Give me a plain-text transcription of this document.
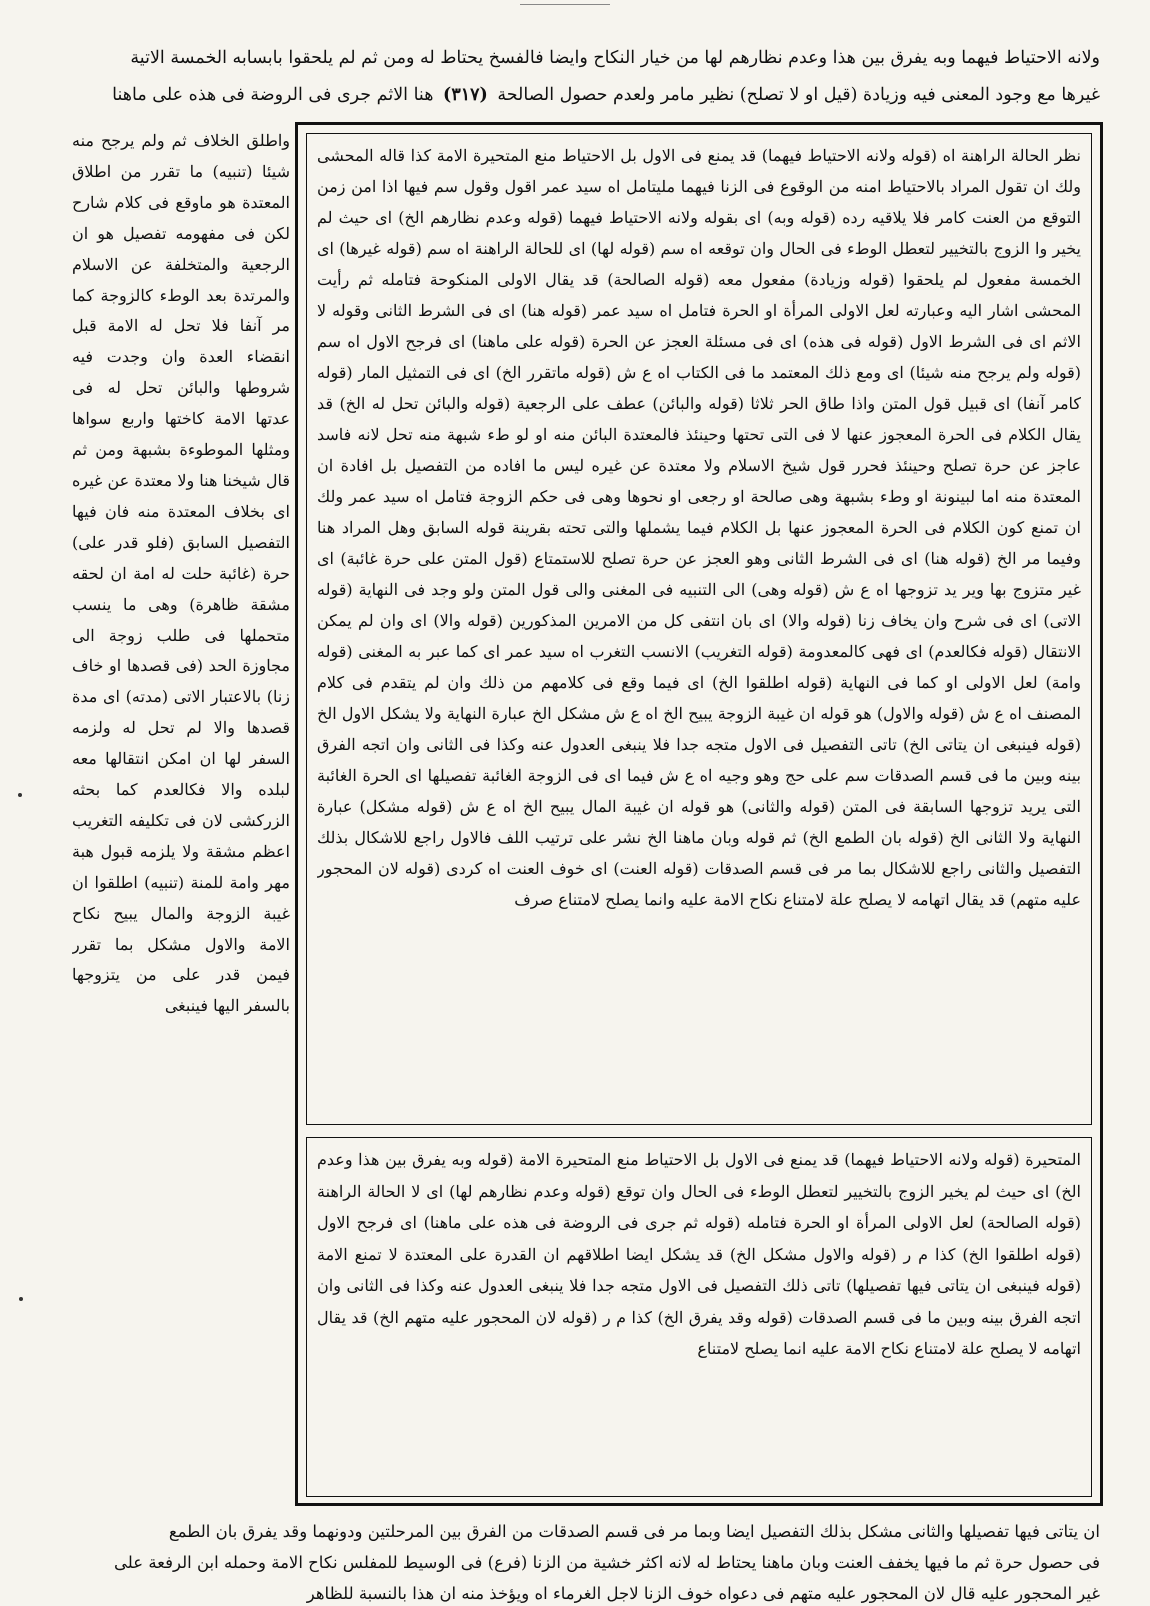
ولانه الاحتياط فيهما وبه يفرق بين هذا وعدم نظارهم لها من خيار النكاح وايضا فالفسخ يحتاط له ومن ثم لم يلحقوا بابسابه الخمسة الاتية
غيرها مع وجود المعنى فيه وزيادة (قيل او لا تصلح) نظير مامر ولعدم حصول الصالحة (٣١٧) هنا الاثم جرى فى الروضة فى هذه على ماهنا
واطلق الخلاف ثم ولم يرجح منه شيئا (تنبيه) ما تقرر من اطلاق المعتدة هو ماوقع فى كلام شارح لكن فى مفهومه تفصيل هو ان الرجعية والمتخلفة عن الاسلام والمرتدة بعد الوطء كالزوجة كما مر آنفا فلا تحل له الامة قبل انقضاء العدة وان وجدت فيه شروطها والبائن تحل له فى عدتها الامة كاختها واربع سواها ومثلها الموطوءة بشبهة ومن ثم قال شيخنا هنا ولا معتدة عن غيره اى بخلاف المعتدة منه فان فيها التفصيل السابق (فلو قدر على) حرة (غائبة حلت له امة ان لحقه مشقة ظاهرة) وهى ما ينسب متحملها فى طلب زوجة الى مجاوزة الحد (فى قصدها او خاف زنا) بالاعتبار الاتى (مدته) اى مدة قصدها والا لم تحل له ولزمه السفر لها ان امكن انتقالها معه لبلده والا فكالعدم كما بحثه الزركشى لان فى تكليفه التغريب اعظم مشقة ولا يلزمه قبول هبة مهر وامة للمنة (تنبيه) اطلقوا ان غيبة الزوجة والمال يبيح نكاح الامة والاول مشكل بما تقرر فيمن قدر على من يتزوجها بالسفر اليها فينبغى
نظر الحالة الراهنة اه (قوله ولانه الاحتياط فيهما) قد يمنع فى الاول بل الاحتياط منع المتحيرة الامة كذا قاله المحشى ولك ان تقول المراد بالاحتياط امنه من الوقوع فى الزنا فيهما مليتامل اه سيد عمر اقول وقول سم فيها اذا امن زمن التوقع من العنت كامر فلا يلاقيه رده (قوله وبه) اى بقوله ولانه الاحتياط فيهما (قوله وعدم نظارهم الخ) اى حيث لم يخير وا الزوج بالتخيير لتعطل الوطء فى الحال وان توقعه اه سم (قوله لها) اى للحالة الراهنة اه سم (قوله غيرها) اى الخمسة مفعول لم يلحقوا (قوله وزيادة) مفعول معه (قوله الصالحة) قد يقال الاولى المنكوحة فتامله ثم رأيت المحشى اشار اليه وعبارته لعل الاولى المرأة او الحرة فتامل اه سيد عمر (قوله هنا) اى فى الشرط الثانى وقوله لا الاثم اى فى الشرط الاول (قوله فى هذه) اى فى مسئلة العجز عن الحرة (قوله على ماهنا) اى فرجح الاول اه سم (قوله ولم يرجح منه شيئا) اى ومع ذلك المعتمد ما فى الكتاب اه ع ش (قوله ماتقرر الخ) اى فى التمثيل المار (قوله كامر آنفا) اى قبيل قول المتن واذا طاق الحر ثلاثا (قوله والبائن) عطف على الرجعية (قوله والبائن تحل له الخ) قد يقال الكلام فى الحرة المعجوز عنها لا فى التى تحتها وحينئذ فالمعتدة البائن منه او لو طء شبهة منه تحل لانه فاسد عاجز عن حرة تصلح وحينئذ فحرر قول شيخ الاسلام ولا معتدة عن غيره ليس ما افاده من التفصيل بل افادة ان المعتدة منه اما لبينونة او وطء بشبهة وهى صالحة او رجعى او نحوها وهى فى حكم الزوجة فتامل اه سيد عمر ولك ان تمنع كون الكلام فى الحرة المعجوز عنها بل الكلام فيما يشملها والتى تحته بقرينة قوله السابق وهل المراد هنا وفيما مر الخ (قوله هنا) اى فى الشرط الثانى وهو العجز عن حرة تصلح للاستمتاع (قول المتن على حرة غائبة) اى غير متزوج بها وير يد تزوجها اه ع ش (قوله وهى) الى التنبيه فى المغنى والى قول المتن ولو وجد فى النهاية (قوله الاتى) اى فى شرح وان يخاف زنا (قوله والا) اى بان انتفى كل من الامرين المذكورين (قوله والا) اى وان لم يمكن الانتقال (قوله فكالعدم) اى فهى كالمعدومة (قوله التغريب) الانسب التغرب اه سيد عمر اى كما عبر به المغنى (قوله وامة) لعل الاولى او كما فى النهاية (قوله اطلقوا الخ) اى فيما وقع فى كلامهم من ذلك وان لم يتقدم فى كلام المصنف اه ع ش (قوله والاول) هو قوله ان غيبة الزوجة يبيح الخ اه ع ش مشكل الخ عبارة النهاية ولا يشكل الاول الخ (قوله فينبغى ان يتاتى الخ) تاتى التفصيل فى الاول متجه جدا فلا ينبغى العدول عنه وكذا فى الثانى وان اتجه الفرق بينه وبين ما فى قسم الصدقات سم على حج وهو وجيه اه ع ش فيما اى فى الزوجة الغائبة تفصيلها اى الحرة الغائبة التى يريد تزوجها السابقة فى المتن (قوله والثانى) هو قوله ان غيبة المال يبيح الخ اه ع ش (قوله مشكل) عبارة النهاية ولا الثانى الخ (قوله بان الطمع الخ) ثم قوله وبان ماهنا الخ نشر على ترتيب اللف فالاول راجع للاشكال بذلك التفصيل والثانى راجع للاشكال بما مر فى قسم الصدقات (قوله العنت) اى خوف العنت اه كردى (قوله لان المحجور عليه متهم) قد يقال اتهامه لا يصلح علة لامتناع نكاح الامة عليه وانما يصلح لامتناع صرف
المتحيرة (قوله ولانه الاحتياط فيهما) قد يمنع فى الاول بل الاحتياط منع المتحيرة الامة (قوله وبه يفرق بين هذا وعدم الخ) اى حيث لم يخير الزوج بالتخيير لتعطل الوطء فى الحال وان توقع (قوله وعدم نظارهم لها) اى لا الحالة الراهنة (قوله الصالحة) لعل الاولى المرأة او الحرة فتامله (قوله ثم جرى فى الروضة فى هذه على ماهنا) اى فرجح الاول (قوله اطلقوا الخ) كذا م ر (قوله والاول مشكل الخ) قد يشكل ايضا اطلاقهم ان القدرة على المعتدة لا تمنع الامة (قوله فينبغى ان يتاتى فيها تفصيلها) تاتى ذلك التفصيل فى الاول متجه جدا فلا ينبغى العدول عنه وكذا فى الثانى وان اتجه الفرق بينه وبين ما فى قسم الصدقات (قوله وقد يفرق الخ) كذا م ر (قوله لان المحجور عليه متهم الخ) قد يقال اتهامه لا يصلح علة لامتناع نكاح الامة عليه انما يصلح لامتناع
ان يتاتى فيها تفصيلها والثانى مشكل بذلك التفصيل ايضا وبما مر فى قسم الصدقات من الفرق بين المرحلتين ودونهما وقد يفرق بان الطمع
فى حصول حرة ثم ما فيها يخفف العنت وبان ماهنا يحتاط له لانه اكثر خشية من الزنا (فرع) فى الوسيط للمفلس نكاح الامة وحمله ابن الرفعة على
غير المحجور عليه قال لان المحجور عليه متهم فى دعواه خوف الزنا لاجل الغرماء اه ويؤخذ منه ان هذا بالنسبة للظاهر
